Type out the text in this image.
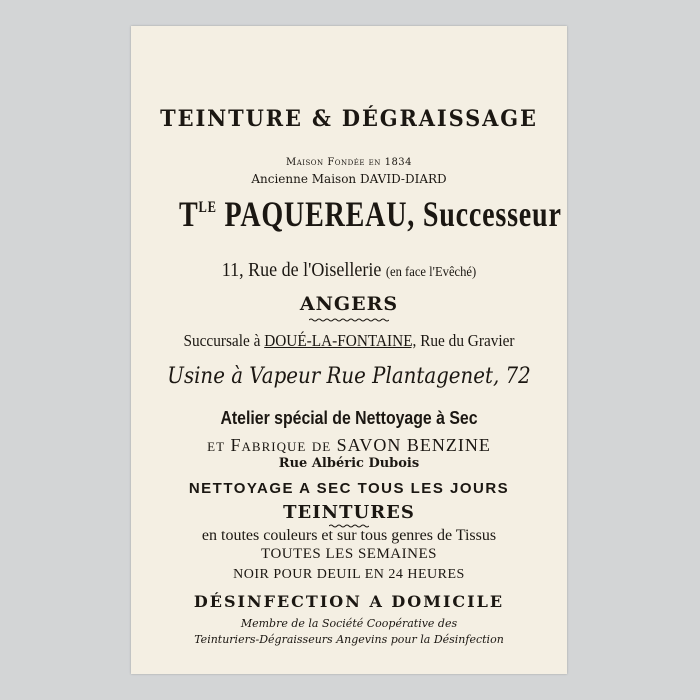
TEINTURE & DÉGRAISSAGE
Maison Fondée en 1834
Ancienne Maison DAVID-DIARD
$T^{LE}$ PAQUEREAU, Successeur
11, Rue de l'Oisellerie (en face l'Evêché)
ANGERS
Succursale à DOUÉ-LA-FONTAINE, Rue du Gravier
Usine à Vapeur Rue Plantagenet, 72
Atelier spécial de Nettoyage à Sec
et Fabrique de SAVON BENZINE
Rue Albéric Dubois
NETTOYAGE A SEC TOUS LES JOURS
TEINTURES
en toutes couleurs et sur tous genres de Tissus
TOUTES LES SEMAINES
NOIR POUR DEUIL EN 24 HEURES
DÉSINFECTION A DOMICILE
Membre de la Société Coopérative des
Teinturiers-Dégraisseurs Angevins pour la Désinfection
